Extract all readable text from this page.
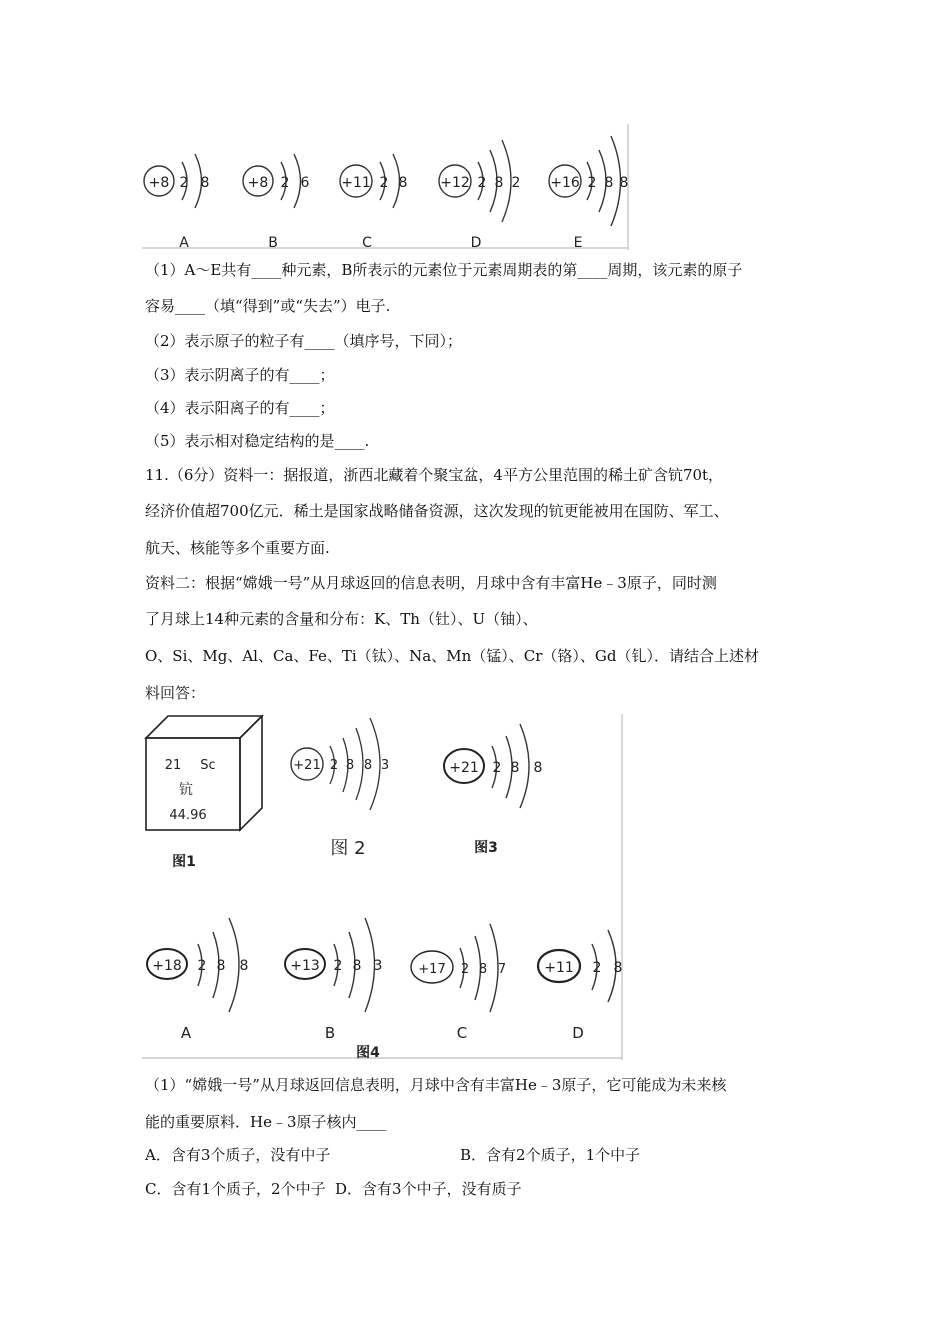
+8 2 8
A
+8 2 6
B
+11 2 8
C
+12 2 8 2
D
+16 2 8 8
E
（1）A～E共有____种元素，B所表示的元素位于元素周期表的第____周期，该元素的原子
容易____（填“得到”或“失去”）电子.
（2）表示原子的粒子有____（填序号，下同）；
（3）表示阴离子的有____；
（4）表示阳离子的有____；
（5）表示相对稳定结构的是____.
11.（6分）资料一：据报道，浙西北藏着个聚宝盆，4平方公里范围的稀土矿含钪70t，
经济价值超700亿元．稀土是国家战略储备资源，这次发现的钪更能被用在国防、军工、
航天、核能等多个重要方面.
资料二：根据“嫦娥一号”从月球返回的信息表明，月球中含有丰富He﹣3原子，同时测
了月球上14种元素的含量和分布：K、Th（钍）、U（铀）、
O、Si、Mg、Al、Ca、Fe、Ti（钛）、Na、Mn（锰）、Cr（铬）、Gd（钆）．请结合上述材
料回答：
21 Sc
钪
44.96
图1
+21 2 8 8 3
图 2
+21 2 8 8
图3
+18 2 8 8
A
+13 2 8 3
B
+17 2 8 7
C
+11 2 8
D
图4
（1）“嫦娥一号”从月球返回信息表明，月球中含有丰富He﹣3原子，它可能成为未来核
能的重要原料．He﹣3原子核内____
A．含有3个质子，没有中子	B．含有2个质子，1个中子
C．含有1个质子，2个中子 D．含有3个中子，没有质子
